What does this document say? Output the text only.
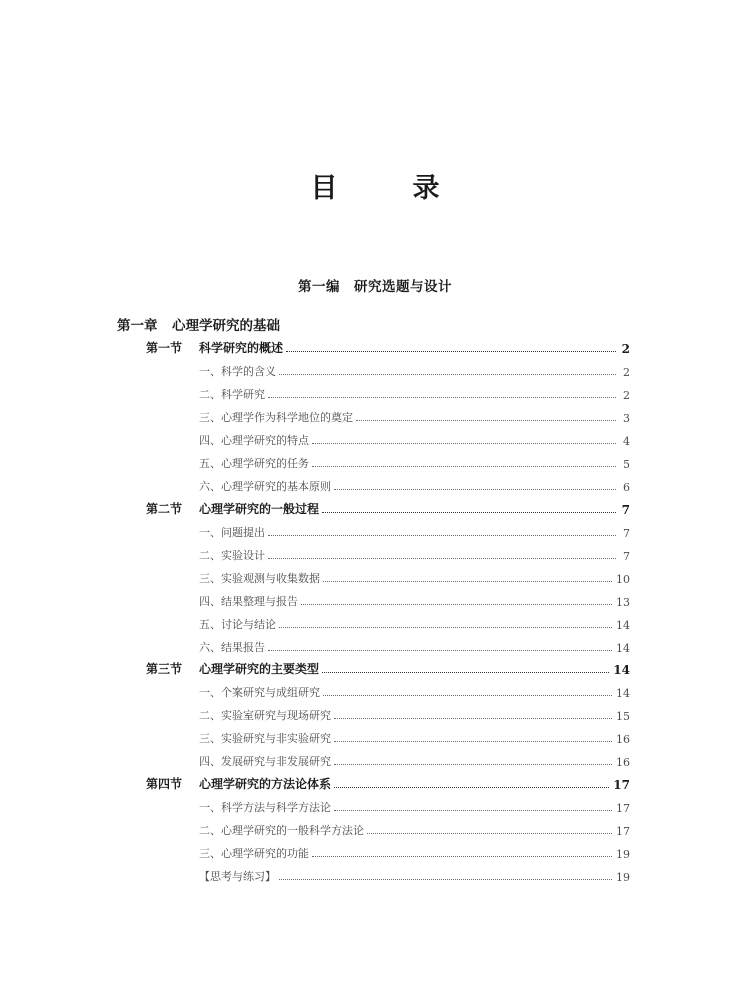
目　录
第一编　研究选题与设计
第一章 心理学研究的基础
第一节	科学研究的概述	2
一、科学的含义	2
二、科学研究	2
三、心理学作为科学地位的奠定	3
四、心理学研究的特点	4
五、心理学研究的任务	5
六、心理学研究的基本原则	6
第二节	心理学研究的一般过程	7
一、问题提出	7
二、实验设计	7
三、实验观测与收集数据	10
四、结果整理与报告	13
五、讨论与结论	14
六、结果报告	14
第三节	心理学研究的主要类型	14
一、个案研究与成组研究	14
二、实验室研究与现场研究	15
三、实验研究与非实验研究	16
四、发展研究与非发展研究	16
第四节	心理学研究的方法论体系	17
一、科学方法与科学方法论	17
二、心理学研究的一般科学方法论	17
三、心理学研究的功能	19
【思考与练习】	19
